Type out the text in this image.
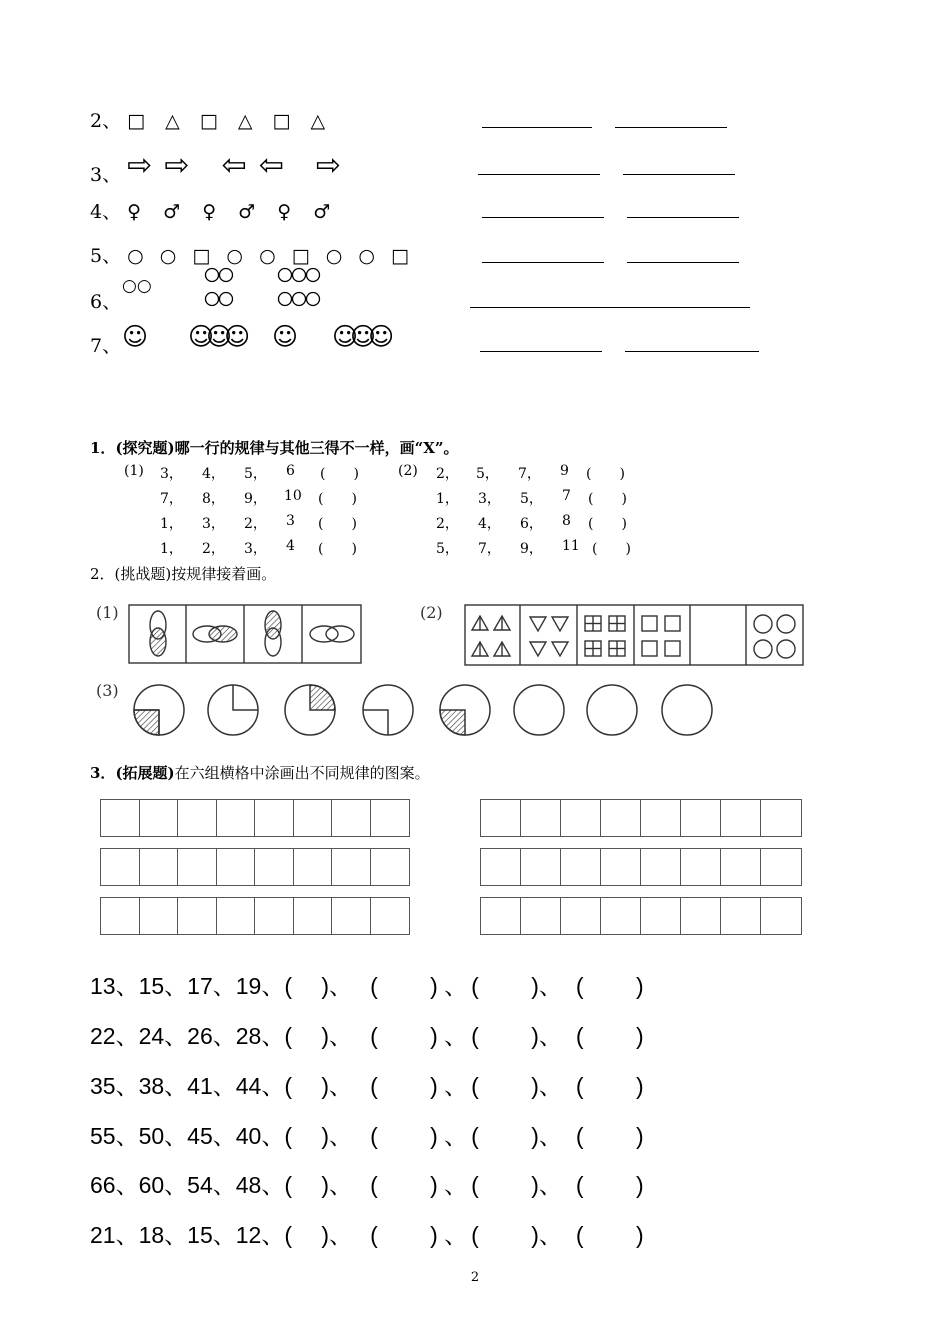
2、 □ △ □ △ □ △
3、 ⇨ ⇨ ⇦ ⇦ ⇨
4、 ♀ ♂ ♀ ♂ ♀ ♂
5、 ○ ○ □ ○ ○ □ ○ ○ □
6、
○○
7、 ☺ ☺☺☺ ☺ ☺☺☺
1．(探究题)哪一行的规律与其他三得不一样，画“X”。
(1)	(2)
3， 4， 5， 6 (　　)
7， 8， 9， 10 (　　)
1， 3， 2， 3 (　　)
1， 2， 3， 4 (　　)
2， 5， 7， 9 (　　)
1， 3， 5， 7 (　　)
2， 4， 6， 8 (　　)
5， 7， 9， 11 (　　)
2．(挑战题)按规律接着画。
(1)	(2)
(3)
3．(拓展题)在六组横格中涂画出不同规律的图案。
13、15、17、19、(　 )、 (　　 ) 、 (　　 )、 (　　 )
22、24、26、28、(　 )、 (　　 ) 、 (　　 )、 (　　 )
35、38、41、44、(　 )、 (　　 ) 、 (　　 )、 (　　 )
55、50、45、40、(　 )、 (　　 ) 、 (　　 )、 (　　 )
66、60、54、48、(　 )、 (　　 ) 、 (　　 )、 (　　 )
21、18、15、12、(　 )、 (　　 ) 、 (　　 )、 (　　 )
2
